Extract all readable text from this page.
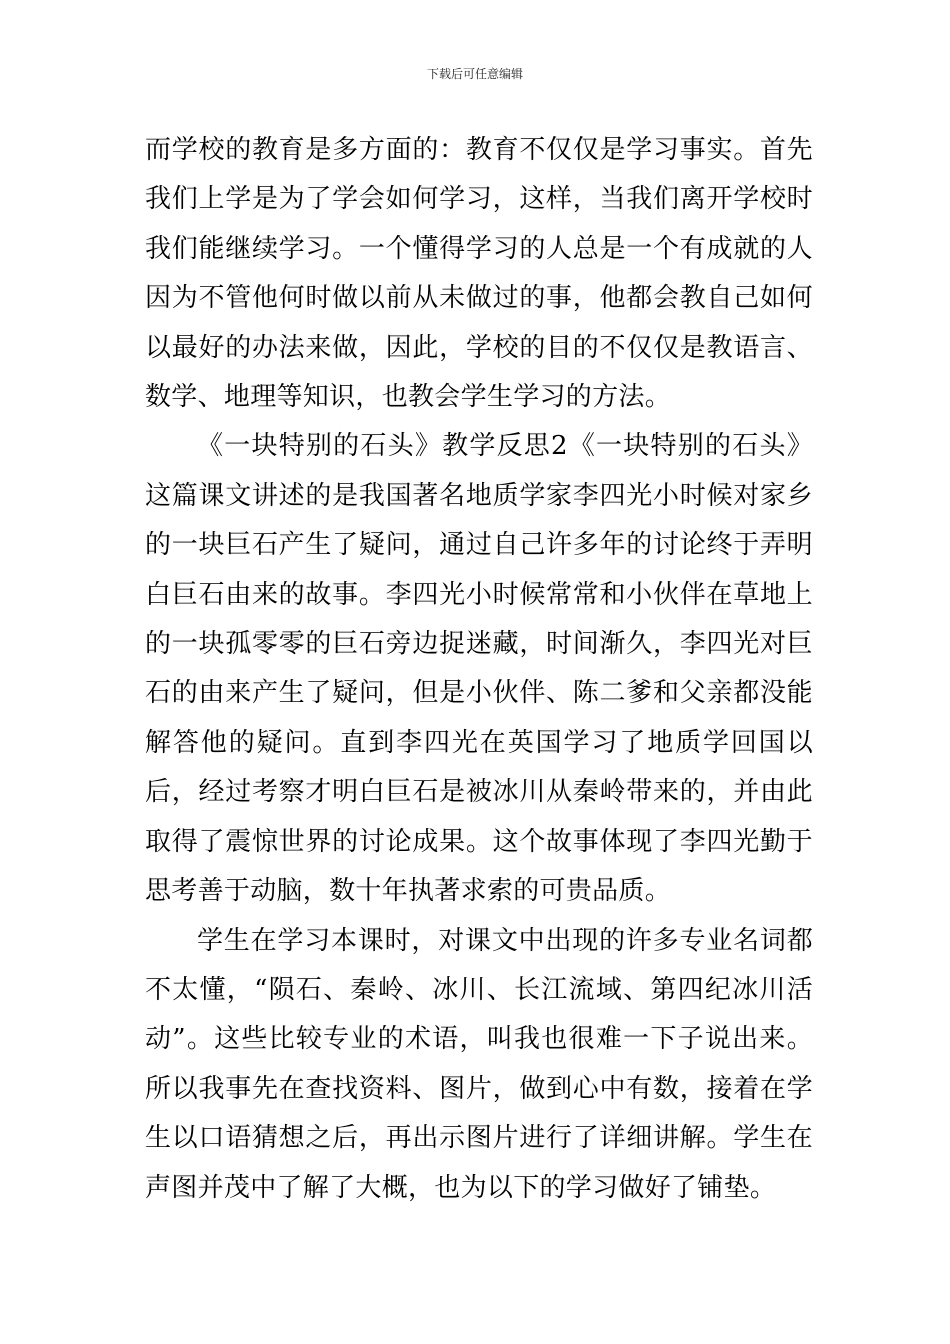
下载后可任意编辑

而学校的教育是多方面的：教育不仅仅是学习事实。首先我们上学是为了学会如何学习，这样，当我们离开学校时我们能继续学习。一个懂得学习的人总是一个有成就的人因为不管他何时做以前从未做过的事，他都会教自己如何以最好的办法来做，因此，学校的目的不仅仅是教语言、数学、地理等知识，也教会学生学习的方法。

《一块特别的石头》教学反思2《一块特别的石头》这篇课文讲述的是我国著名地质学家李四光小时候对家乡的一块巨石产生了疑问，通过自己许多年的讨论终于弄明白巨石由来的故事。李四光小时候常常和小伙伴在草地上的一块孤零零的巨石旁边捉迷藏，时间渐久，李四光对巨石的由来产生了疑问，但是小伙伴、陈二爹和父亲都没能解答他的疑问。直到李四光在英国学习了地质学回国以后，经过考察才明白巨石是被冰川从秦岭带来的，并由此取得了震惊世界的讨论成果。这个故事体现了李四光勤于思考善于动脑，数十年执著求索的可贵品质。

学生在学习本课时，对课文中出现的许多专业名词都不太懂，“陨石、秦岭、冰川、长江流域、第四纪冰川活动”。这些比较专业的术语，叫我也很难一下子说出来。所以我事先在查找资料、图片，做到心中有数，接着在学生以口语猜想之后，再出示图片进行了详细讲解。学生在声图并茂中了解了大概，也为以下的学习做好了铺垫。
